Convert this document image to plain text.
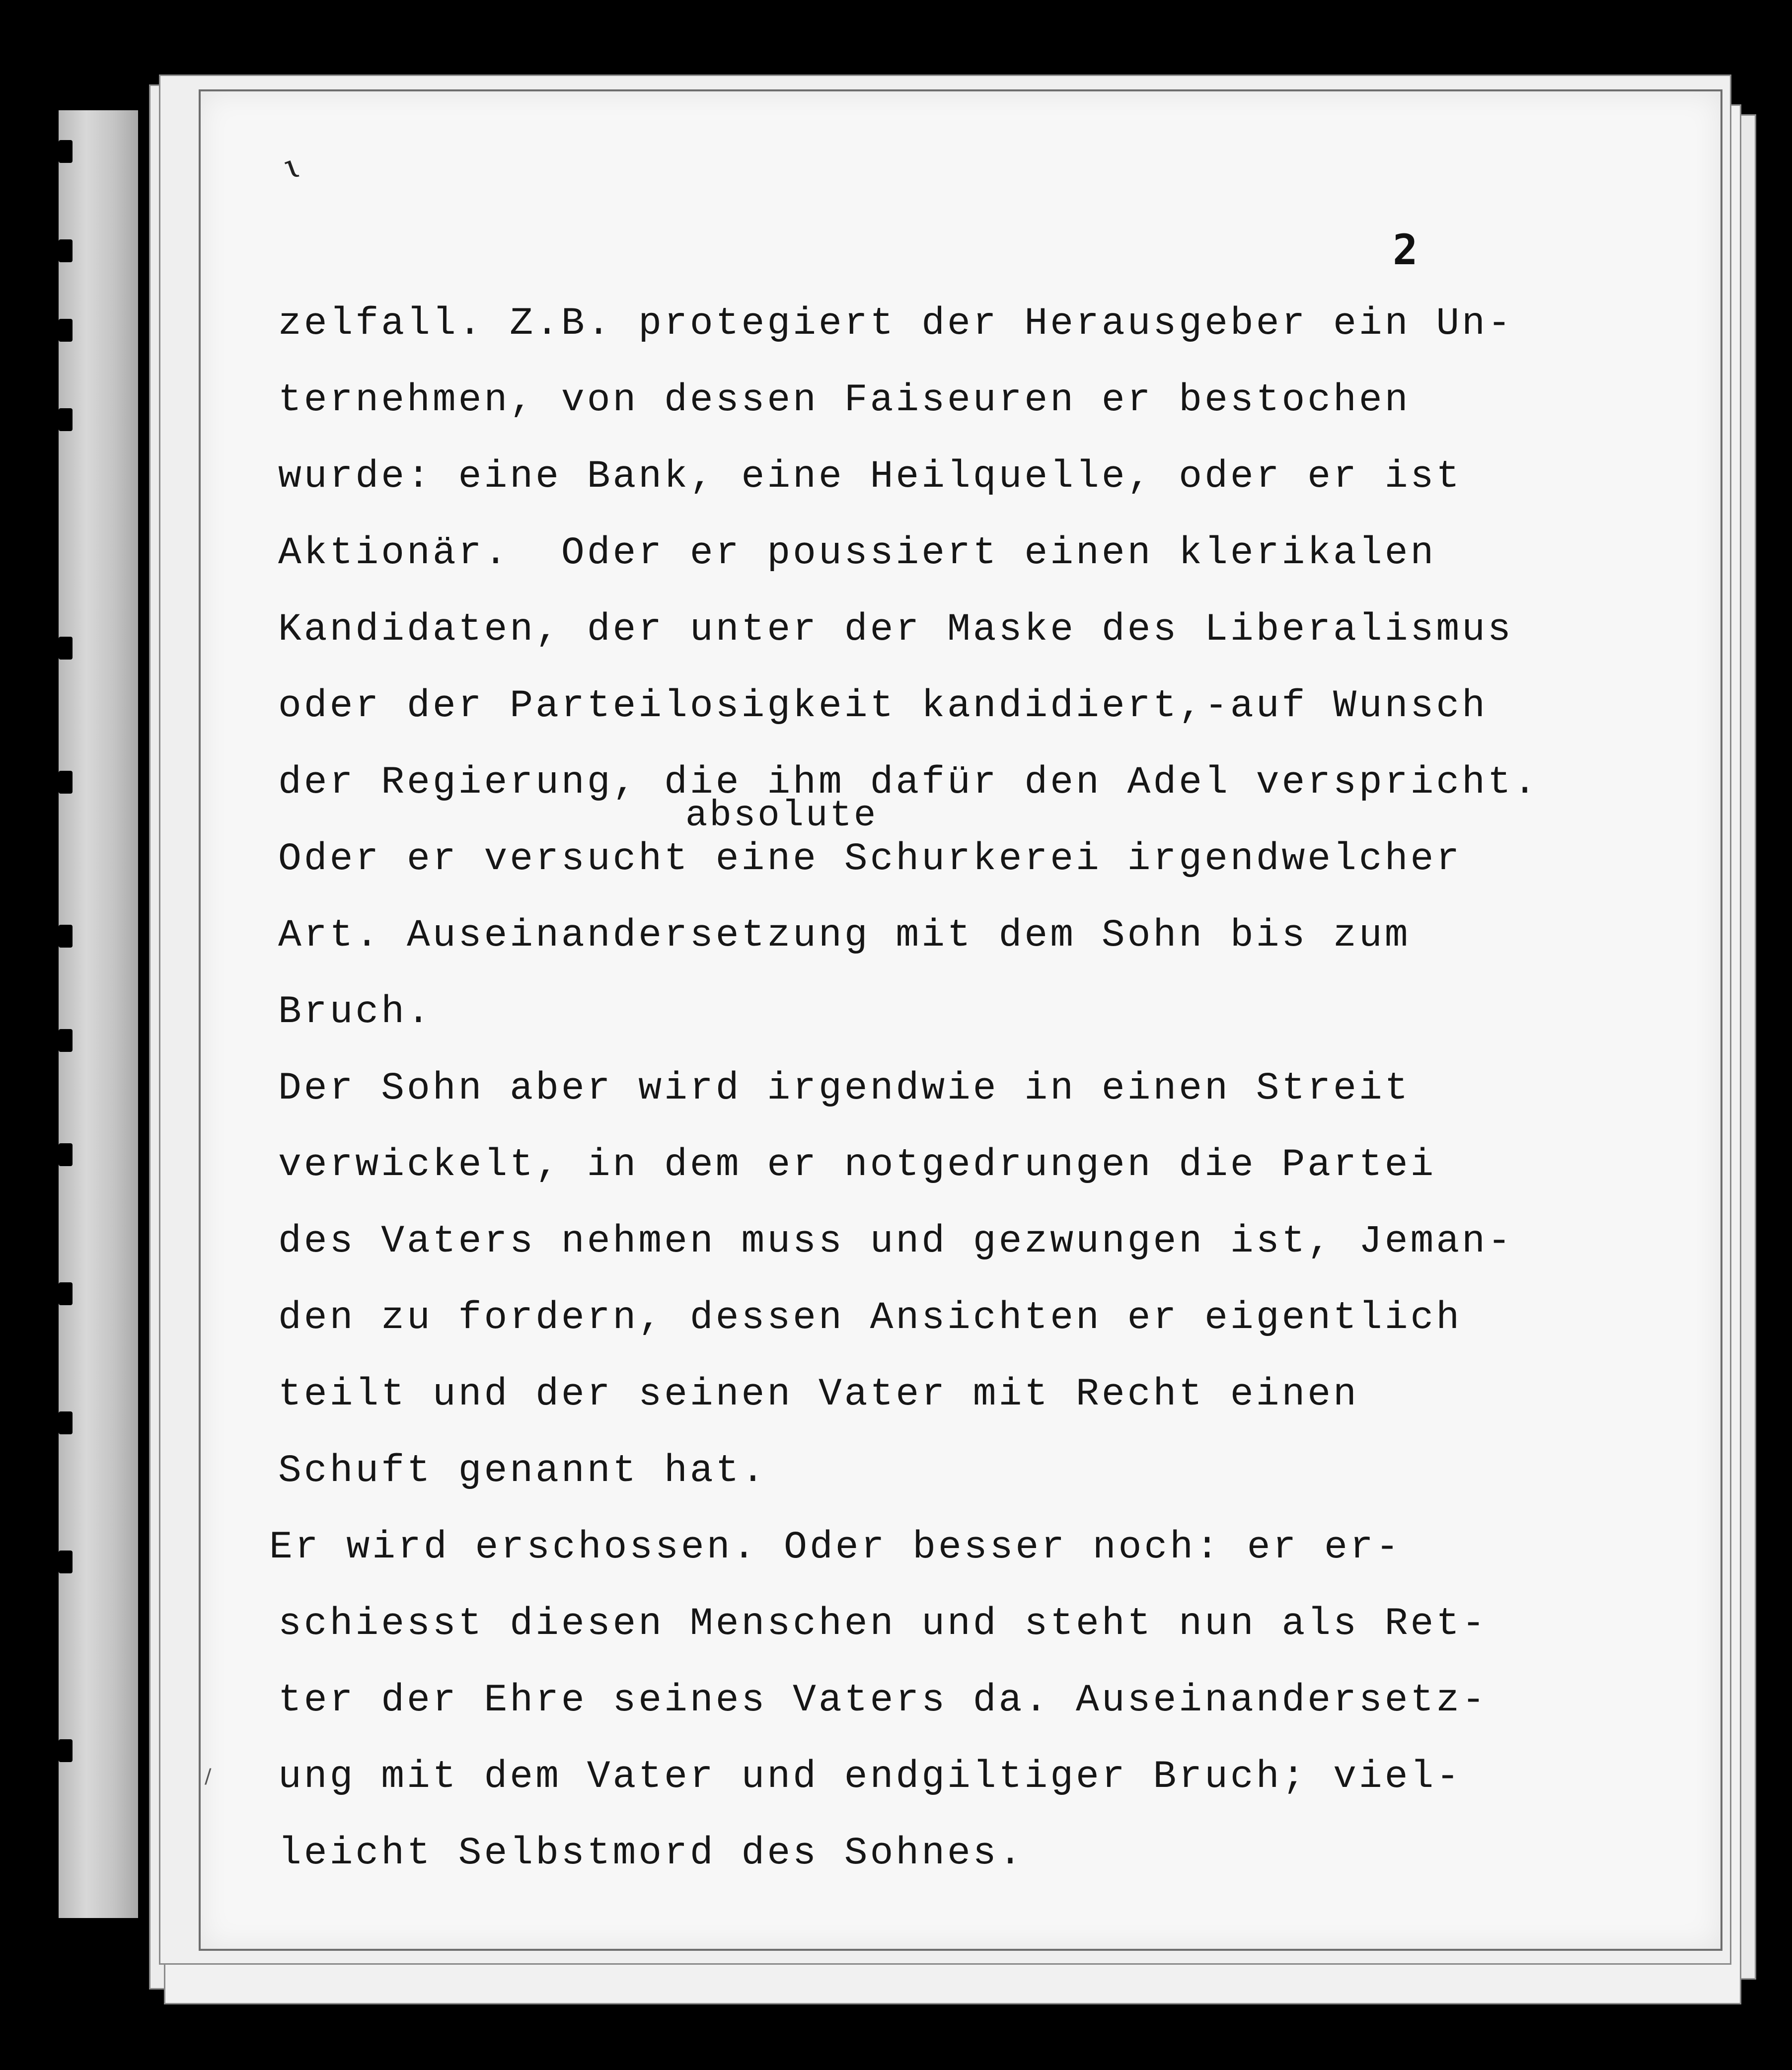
ɩ
2
/
zelfall. Z.B. protegiert der Herausgeber ein Un-
ternehmen, von dessen Faiseuren er bestochen
wurde: eine Bank, eine Heilquelle, oder er ist
Aktionär.  Oder er poussiert einen klerikalen
Kandidaten, der unter der Maske des Liberalismus
oder der Parteilosigkeit kandidiert,-auf Wunsch
der Regierung, die ihm dafür den Adel verspricht.

absolute

Oder er versucht eine Schurkerei irgendwelcher
Art. Auseinandersetzung mit dem Sohn bis zum
Bruch.
Der Sohn aber wird irgendwie in einen Streit
verwickelt, in dem er notgedrungen die Partei
des Vaters nehmen muss und gezwungen ist, Jeman-
den zu fordern, dessen Ansichten er eigentlich
teilt und der seinen Vater mit Recht einen
Schuft genannt hat.
Er wird erschossen. Oder besser noch: er er-
schiesst diesen Menschen und steht nun als Ret-
ter der Ehre seines Vaters da. Auseinandersetz-
ung mit dem Vater und endgiltiger Bruch; viel-
leicht Selbstmord des Sohnes.
